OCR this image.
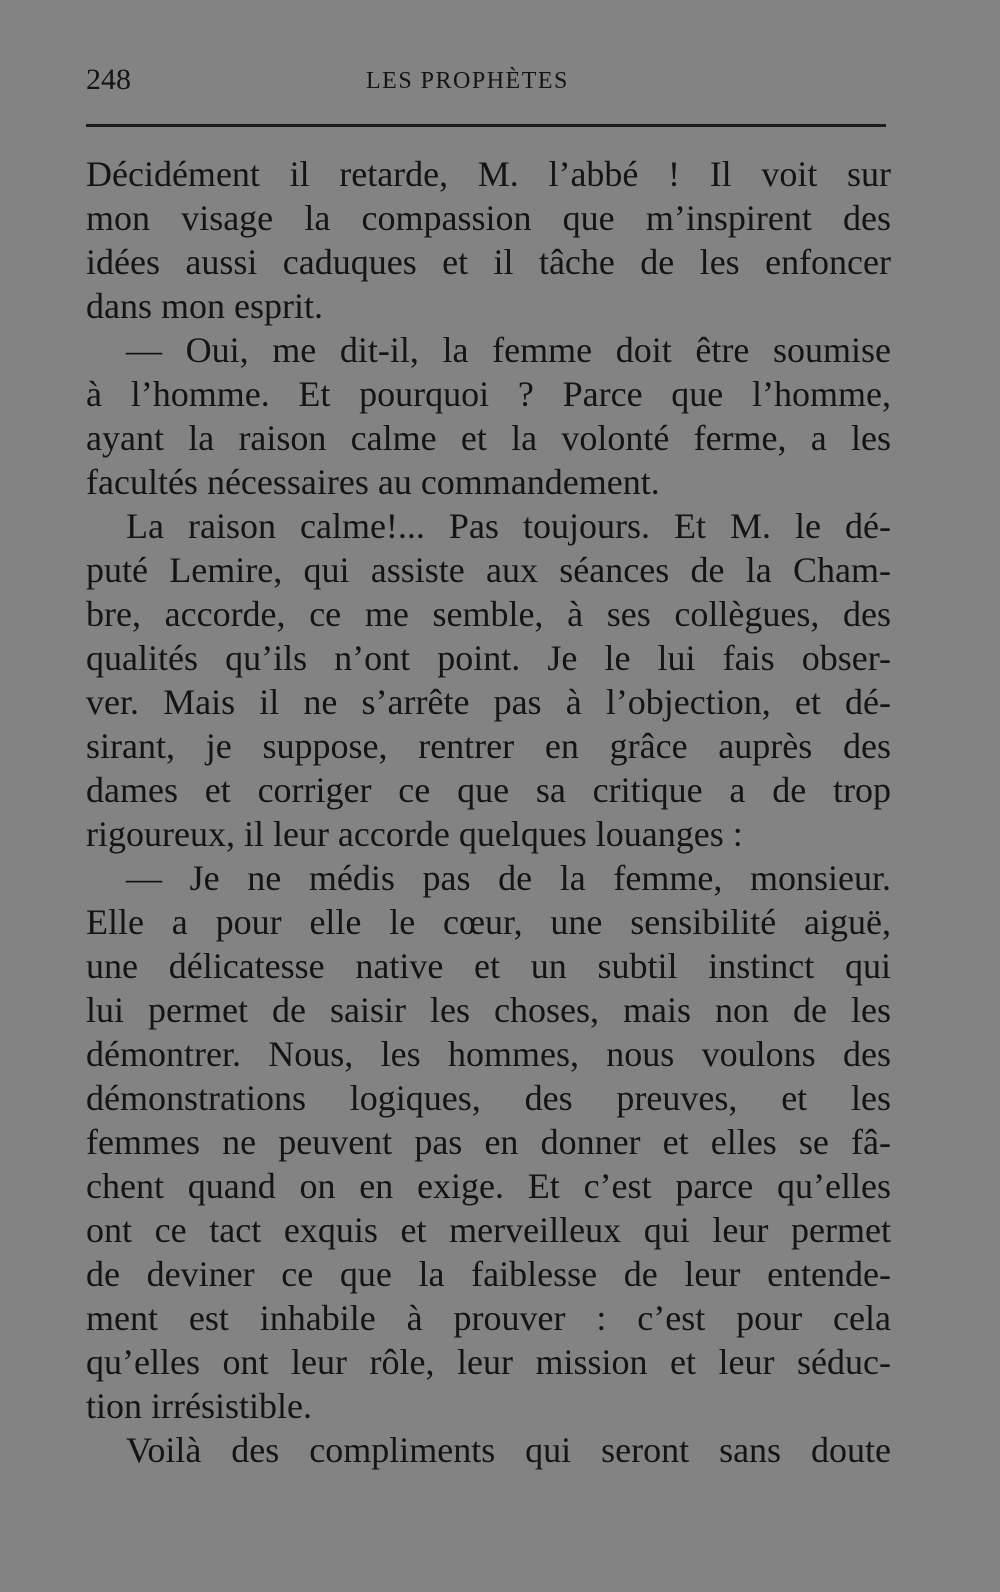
248	LES PROPHÈTES
Décidément il retarde, M. l’abbé ! Il voit sur
mon visage la compassion que m’inspirent des
idées aussi caduques et il tâche de les enfoncer
dans mon esprit.
— Oui, me dit-il, la femme doit être soumise
à l’homme. Et pourquoi ? Parce que l’homme,
ayant la raison calme et la volonté ferme, a les
facultés nécessaires au commandement.
La raison calme!... Pas toujours. Et M. le dé-
puté Lemire, qui assiste aux séances de la Cham-
bre, accorde, ce me semble, à ses collègues, des
qualités qu’ils n’ont point. Je le lui fais obser-
ver. Mais il ne s’arrête pas à l’objection, et dé-
sirant, je suppose, rentrer en grâce auprès des
dames et corriger ce que sa critique a de trop
rigoureux, il leur accorde quelques louanges :
— Je ne médis pas de la femme, monsieur.
Elle a pour elle le cœur, une sensibilité aiguë,
une délicatesse native et un subtil instinct qui
lui permet de saisir les choses, mais non de les
démontrer. Nous, les hommes, nous voulons des
démonstrations logiques, des preuves, et les
femmes ne peuvent pas en donner et elles se fâ-
chent quand on en exige. Et c’est parce qu’elles
ont ce tact exquis et merveilleux qui leur permet
de deviner ce que la faiblesse de leur entende-
ment est inhabile à prouver : c’est pour cela
qu’elles ont leur rôle, leur mission et leur séduc-
tion irrésistible.
Voilà des compliments qui seront sans doute
